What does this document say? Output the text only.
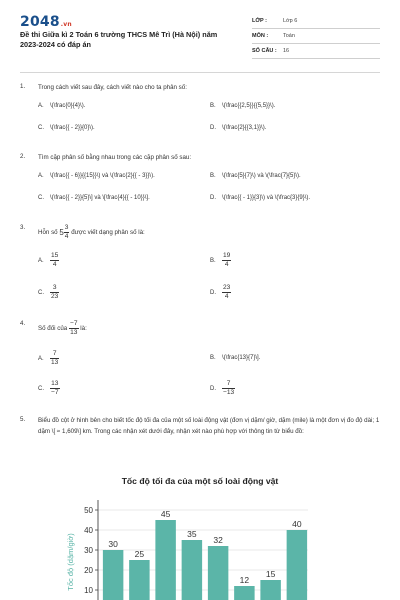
2048.vn
Đề thi Giữa kì 2 Toán 6 trường THCS Mê Trì (Hà Nội) năm 2023-2024 có đáp án
LỚP :	Lớp 6
MÔN :	Toán
SỐ CÂU :	16
1. Trong cách viết sau đây, cách viết nào cho ta phân số:
A. \(\frac{0}{4}\).	B. \(\frac{{2,5}}{{5,5}}\).
C. \(\frac{{ - 2}}{0}\).	D. \(\frac{2}{{3,1}}\).
2. Tìm cặp phân số bằng nhau trong các cặp phân số sau:
A. \(\frac{{ - 6}}{{15}}\) và \(\frac{2}{{ - 3}}\).	B. \(\frac{5}{7}\) và \(\frac{7}{5}\).
C. \(\frac{{ - 2}}{5}\] và \[\frac{4}{{ - 10}}\].	D. \(\frac{{ - 1}}{3}\) và \(\frac{3}{9}\).
3.
Hỗn số $5 \frac{3}{4}$ được viết dạng phân số là:
A. $\frac{15}{4}$	B. $\frac{19}{4}$
C. $\frac{3}{23}$	D. $\frac{23}{4}$
4.
Số đối của $\frac{-7}{13}$ là:
A. $\frac{7}{13}$	B. \(\frac{13}{7}\].
C. $\frac{13}{-7}$	D. $\frac{7}{-13}$
5. Biểu đồ cột ở hình bên cho biết tốc độ tối đa của một số loài động vật (đơn vị dặm/ giờ, dặm (mile) là một đơn vị đo độ dài; 1 dặm \[ ≈ 1,609\] km. Trong các nhận xét dưới đây, nhận xét nào phù hợp với thông tin từ biểu đồ:
Tốc độ tối đa của một số loài động vật
30
25
45
35
32
12
15
40
10
20
30
40
50
Tốc độ (dặm/giờ)
